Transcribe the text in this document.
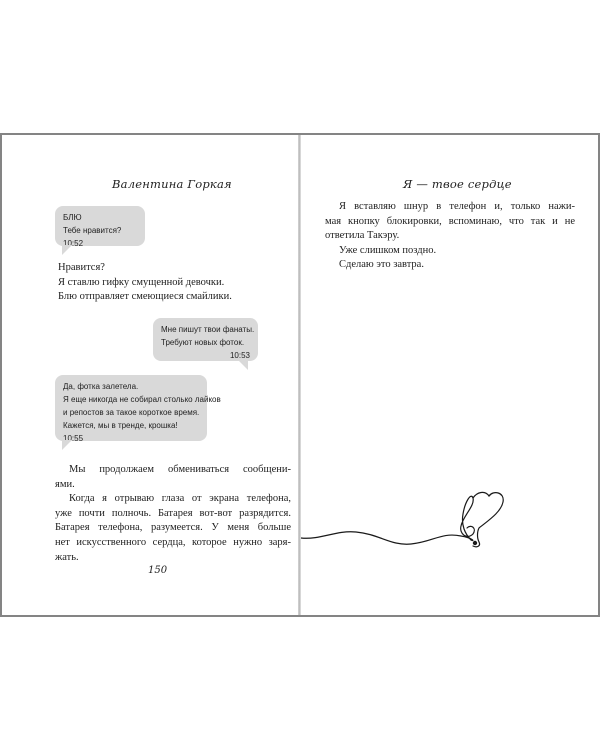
Валентина Горкая
БЛЮ
Тебе нравится?
10:52
Нравится?
Я ставлю гифку смущенной девочки.
Блю отправляет смеющиеся смайлики.
Мне пишут твои фанаты.
Требуют новых фоток.
10:53
Да, фотка залетела.
Я еще никогда не собирал столько лайков
и репостов за такое короткое время.
Кажется, мы в тренде, крошка!
10:55
Мы продолжаем обмениваться сообщени-
ями.
Когда я отрываю глаза от экрана телефона,
уже почти полночь. Батарея вот-вот разрядится.
Батарея телефона, разумеется. У меня больше
нет искусственного сердца, которое нужно заря-
жать.
150
Я — твое сердце
Я вставляю шнур в телефон и, только нажи-
мая кнопку блокировки, вспоминаю, что так и не
ответила Такэру.
Уже слишком поздно.
Сделаю это завтра.
